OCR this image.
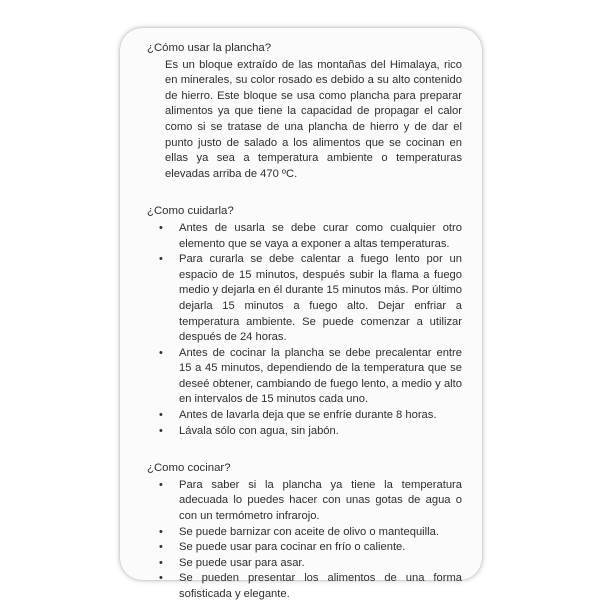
¿Cómo usar la plancha?

Es un bloque extraído de las montañas del Himalaya, rico en minerales, su color rosado es debido a su alto contenido de hierro. Este bloque se usa como plancha para preparar alimentos ya que tiene la capacidad de propagar el calor como si se tratase de una plancha de hierro y de dar el punto justo de salado a los alimentos que se cocinan en ellas ya sea a temperatura ambiente o temperaturas elevadas arriba de 470 ºC.

¿Como cuidarla?
• Antes de usarla se debe curar como cualquier otro elemento que se vaya a exponer a altas temperaturas.
• Para curarla se debe calentar a fuego lento por un espacio de 15 minutos, después subir la flama a fuego medio y dejarla en él durante 15 minutos más. Por último dejarla 15 minutos a fuego alto. Dejar enfriar a temperatura ambiente. Se puede comenzar a utilizar después de 24 horas.
• Antes de cocinar la plancha se debe precalentar entre 15 a 45 minutos, dependiendo de la temperatura que se deseé obtener, cambiando de fuego lento, a medio y alto en intervalos de 15 minutos cada uno.
• Antes de lavarla deja que se enfríe durante 8 horas.
• Lávala sólo con agua, sin jabón.
¿Como cocinar?
• Para saber si la plancha ya tiene la temperatura adecuada lo puedes hacer con unas gotas de agua o con un termómetro infrarojo.
• Se puede barnizar con aceite de olivo o mantequilla.
• Se puede usar para cocinar en frío o caliente.
• Se puede usar para asar.
• Se pueden presentar los alimentos de una forma sofisticada y elegante.
